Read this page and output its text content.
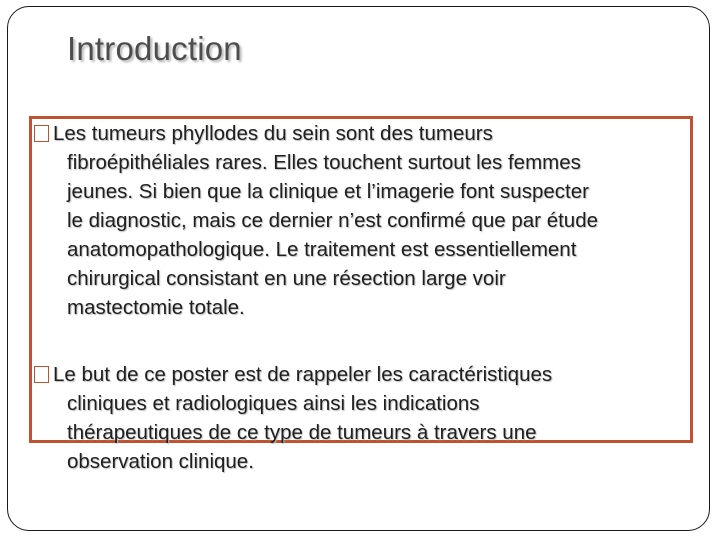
Introduction
Les tumeurs phyllodes du sein sont des tumeurs
fibroépithéliales rares. Elles touchent surtout les femmes
jeunes. Si bien que la clinique et l’imagerie font suspecter
le diagnostic, mais ce dernier n’est confirmé que par étude
anatomopathologique. Le traitement est essentiellement
chirurgical consistant en une résection large voir
mastectomie totale.
Le but de ce poster est de rappeler les caractéristiques
cliniques et radiologiques ainsi les indications
thérapeutiques de ce type de tumeurs à travers une
observation clinique.
